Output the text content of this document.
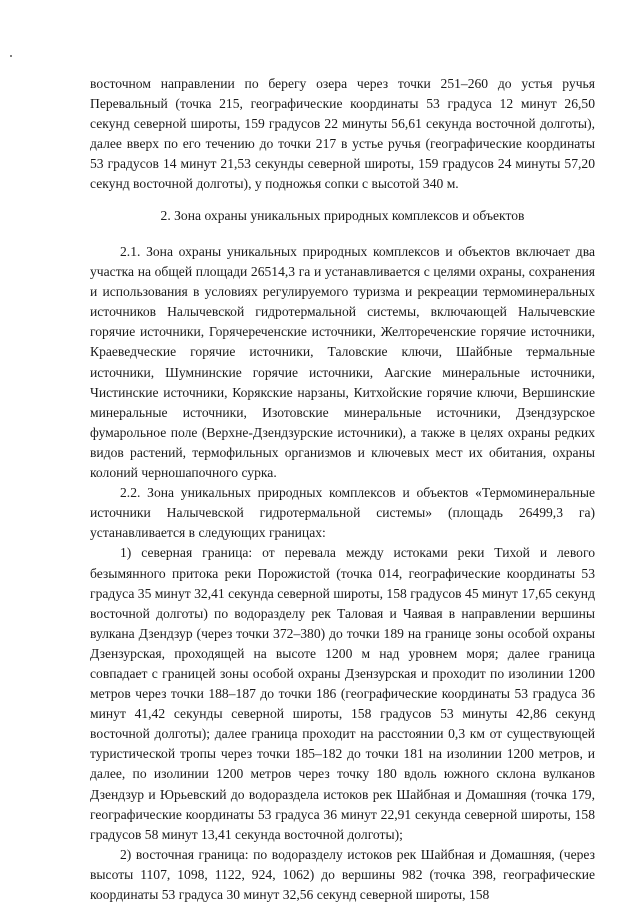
восточном направлении по берегу озера через точки 251–260 до устья ручья Перевальный (точка 215, географические координаты 53 градуса 12 минут 26,50 секунд северной широты, 159 градусов 22 минуты 56,61 секунда восточной долготы), далее вверх по его течению до точки 217 в устье ручья (географические координаты 53 градусов 14 минут 21,53 секунды северной широты, 159 градусов 24 минуты 57,20 секунд восточной долготы), у подножья сопки с высотой 340 м.

2. Зона охраны уникальных природных комплексов и объектов

2.1. Зона охраны уникальных природных комплексов и объектов включает два участка на общей площади 26514,3 га и устанавливается с целями охраны, сохранения и использования в условиях регулируемого туризма и рекреации термоминеральных источников Налычевской гидротермальной системы, включающей Налычевские горячие источники, Горячереченские источники, Желтореченские горячие источники, Краеведческие горячие источники, Таловские ключи, Шайбные термальные источники, Шумнинские горячие источники, Аагские минеральные источники, Чистинские источники, Корякские нарзаны, Китхойские горячие ключи, Вершинские минеральные источники, Изотовские минеральные источники, Дзендзурское фумарольное поле (Верхне-Дзендзурские источники), а также в целях охраны редких видов растений, термофильных организмов и ключевых мест их обитания, охраны колоний черношапочного сурка.

2.2. Зона уникальных природных комплексов и объектов «Термоминеральные источники Налычевской гидротермальной системы» (площадь 26499,3 га) устанавливается в следующих границах:

1) северная граница: от перевала между истоками реки Тихой и левого безымянного притока реки Порожистой (точка 014, географические координаты 53 градуса 35 минут 32,41 секунда северной широты, 158 градусов 45 минут 17,65 секунд восточной долготы) по водоразделу рек Таловая и Чаявая в направлении вершины вулкана Дзендзур (через точки 372–380) до точки 189 на границе зоны особой охраны Дзензурская, проходящей на высоте 1200 м над уровнем моря; далее граница совпадает с границей зоны особой охраны Дзензурская и проходит по изолинии 1200 метров через точки 188–187 до точки 186 (географические координаты 53 градуса 36 минут 41,42 секунды северной широты, 158 градусов 53 минуты 42,86 секунд восточной долготы); далее граница проходит на расстоянии 0,3 км от существующей туристической тропы через точки 185–182 до точки 181 на изолинии 1200 метров, и далее, по изолинии 1200 метров через точку 180 вдоль южного склона вулканов Дзендзур и Юрьевский до водораздела истоков рек Шайбная и Домашняя (точка 179, географические координаты 53 градуса 36 минут 22,91 секунда северной широты, 158 градусов 58 минут 13,41 секунда восточной долготы);

2) восточная граница: по водоразделу истоков рек Шайбная и Домашняя, (через высоты 1107, 1098, 1122, 924, 1062) до вершины 982 (точка 398, географические координаты 53 градуса 30 минут 32,56 секунд северной широты, 158
